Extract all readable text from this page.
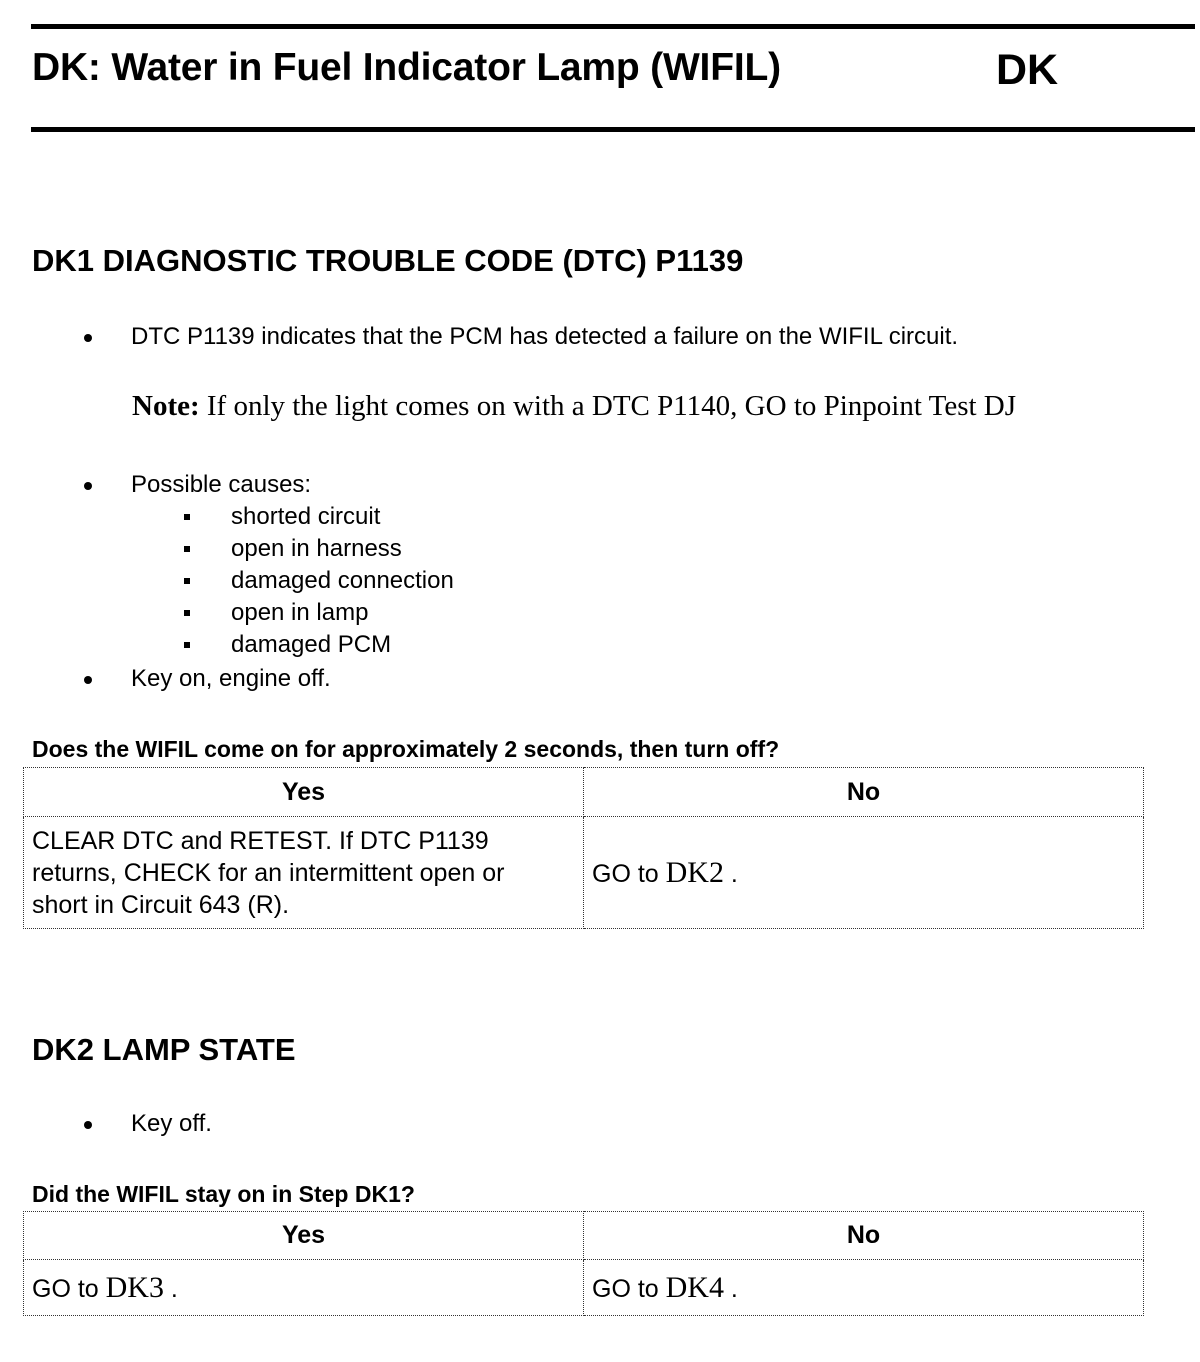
DK: Water in Fuel Indicator Lamp (WIFIL)	DK
DK1 DIAGNOSTIC TROUBLE CODE (DTC) P1139
DTC P1139 indicates that the PCM has detected a failure on the WIFIL circuit.
Note: If only the light comes on with a DTC P1140, GO to Pinpoint Test DJ
Possible causes:
shorted circuit
open in harness
damaged connection
open in lamp
damaged PCM
Key on, engine off.
Does the WIFIL come on for approximately 2 seconds, then turn off?
Yes	No

CLEAR DTC and RETEST. If DTC P1139
returns, CHECK for an intermittent open or
short in Circuit 643 (R).	GO to DK2 .
DK2 LAMP STATE
Key off.
Did the WIFIL stay on in Step DK1?
Yes	No
GO to DK3 .	GO to DK4 .
